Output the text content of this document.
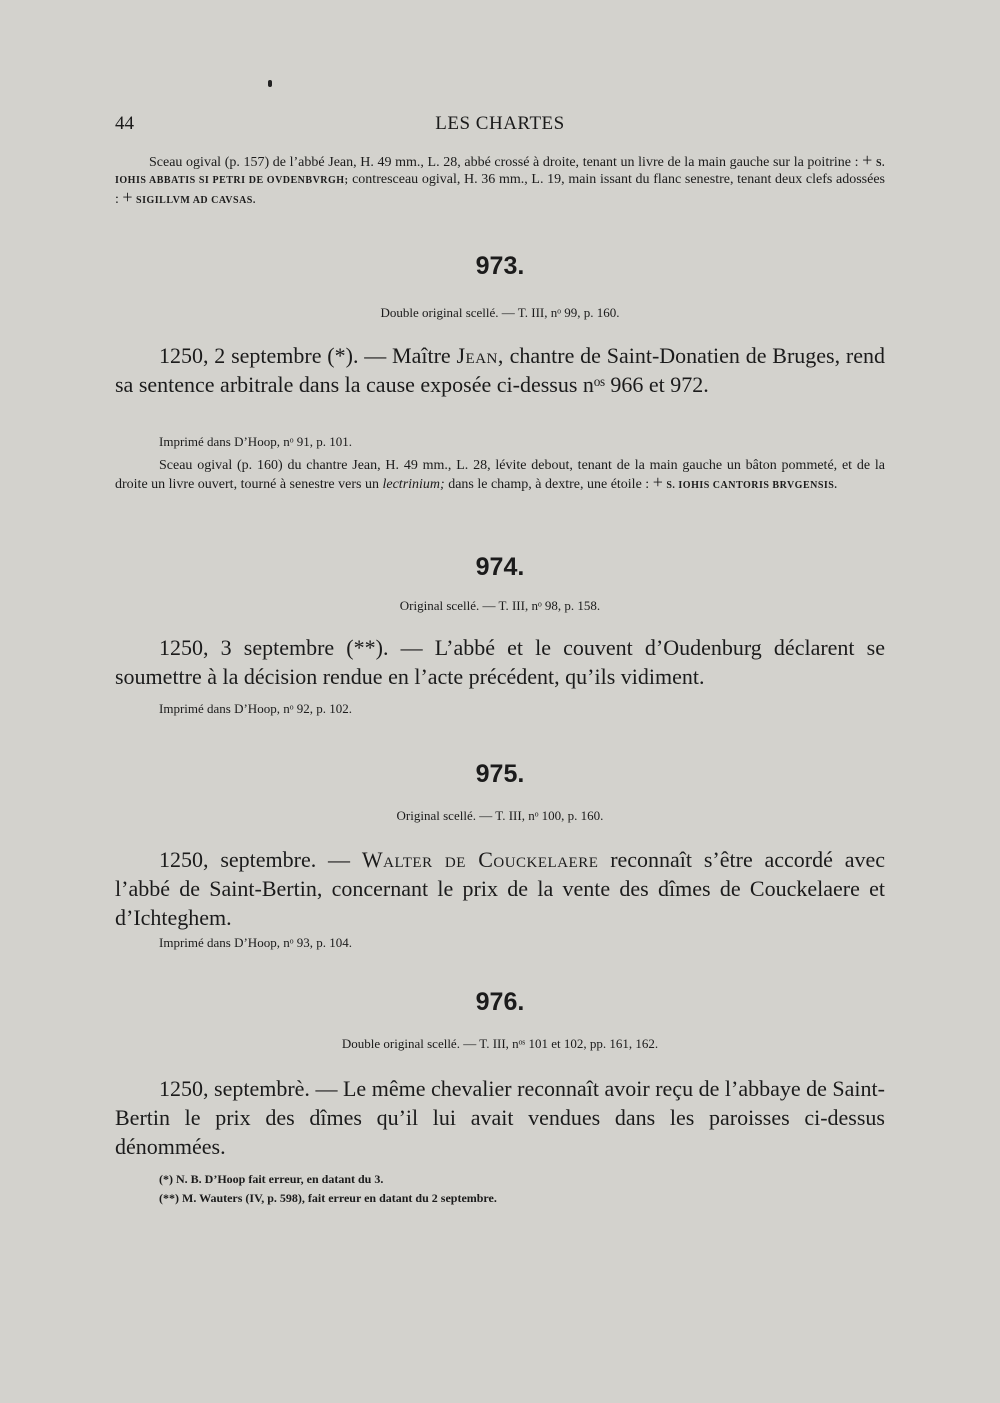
44	LES CHARTES
Sceau ogival (p. 157) de l’abbé Jean, H. 49 mm., L. 28, abbé crossé à droite, tenant un livre de la main gauche sur la poitrine : + S. IOHIS ABBATIS SI PETRI DE OVDENBVRGH; contresceau ogival, H. 36 mm., L. 19, main issant du flanc senestre, tenant deux clefs adossées : + SIGILLVM AD CAVSAS.
973.
Double original scellé. — T. III, nᵒ 99, p. 160.
1250, 2 septembre (*). — Maître Jean, chantre de Saint-Donatien de Bruges, rend sa sentence arbitrale dans la cause exposée ci-dessus nᵒˢ 966 et 972.
Imprimé dans D’Hoop, nᵒ 91, p. 101.
Sceau ogival (p. 160) du chantre Jean, H. 49 mm., L. 28, lévite debout, tenant de la main gauche un bâton pommeté, et de la droite un livre ouvert, tourné à senestre vers un lectrinium; dans le champ, à dextre, une étoile : + S. IOHIS CANTORIS BRVGENSIS.
974.
Original scellé. — T. III, nᵒ 98, p. 158.
1250, 3 septembre (**). — L’abbé et le couvent d’Oudenburg déclarent se soumettre à la décision rendue en l’acte précédent, qu’ils vidiment.
Imprimé dans D’Hoop, nᵒ 92, p. 102.
975.
Original scellé. — T. III, nᵒ 100, p. 160.
1250, septembre. — Walter de Couckelaere reconnaît s’être accordé avec l’abbé de Saint-Bertin, concernant le prix de la vente des dîmes de Couckelaere et d’Ichteghem.
Imprimé dans D’Hoop, nᵒ 93, p. 104.
976.
Double original scellé. — T. III, nᵒˢ 101 et 102, pp. 161, 162.
1250, septembrè. — Le même chevalier reconnaît avoir reçu de l’abbaye de Saint-Bertin le prix des dîmes qu’il lui avait vendues dans les paroisses ci-dessus dénommées.
(*) N. B. D’Hoop fait erreur, en datant du 3.
(**) M. Wauters (IV, p. 598), fait erreur en datant du 2 septembre.
